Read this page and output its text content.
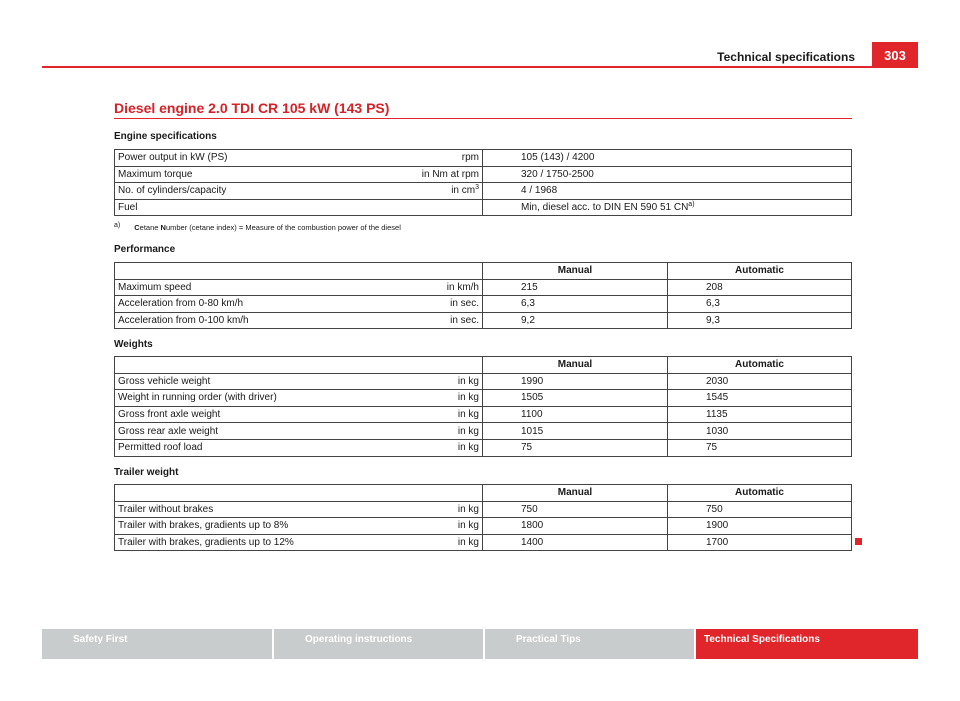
Technical specifications	303
Diesel engine 2.0 TDI CR 105 kW (143 PS)
Engine specifications
Power output in kW (PS) rpm	105 (143) / 4200

Maximum torque in Nm at rpm	320 / 1750-2500

No. of cylinders/capacity in $cm^3$	4 / 1968

Fuel	Min, diesel acc. to DIN EN 590 51 CN$^{a)}$
$^{a)}$ Cetane Number (cetane index) = Measure of the combustion power of the diesel
Performance
	Manual	Automatic

Maximum speed in km/h	215	208

Acceleration from 0-80 km/h in sec.	6,3	6,3

Acceleration from 0-100 km/h in sec.	9,2	9,3
Weights
	Manual	Automatic

Gross vehicle weight in kg	1990	2030

Weight in running order (with driver) in kg	1505	1545

Gross front axle weight in kg	1100	1135

Gross rear axle weight in kg	1015	1030

Permitted roof load in kg	75	75
Trailer weight
	Manual	Automatic

Trailer without brakes in kg	750	750

Trailer with brakes, gradients up to 8% in kg	1800	1900

Trailer with brakes, gradients up to 12% in kg	1400	1700
Safety First	Operating instructions	Practical Tips	Technical Specifications
